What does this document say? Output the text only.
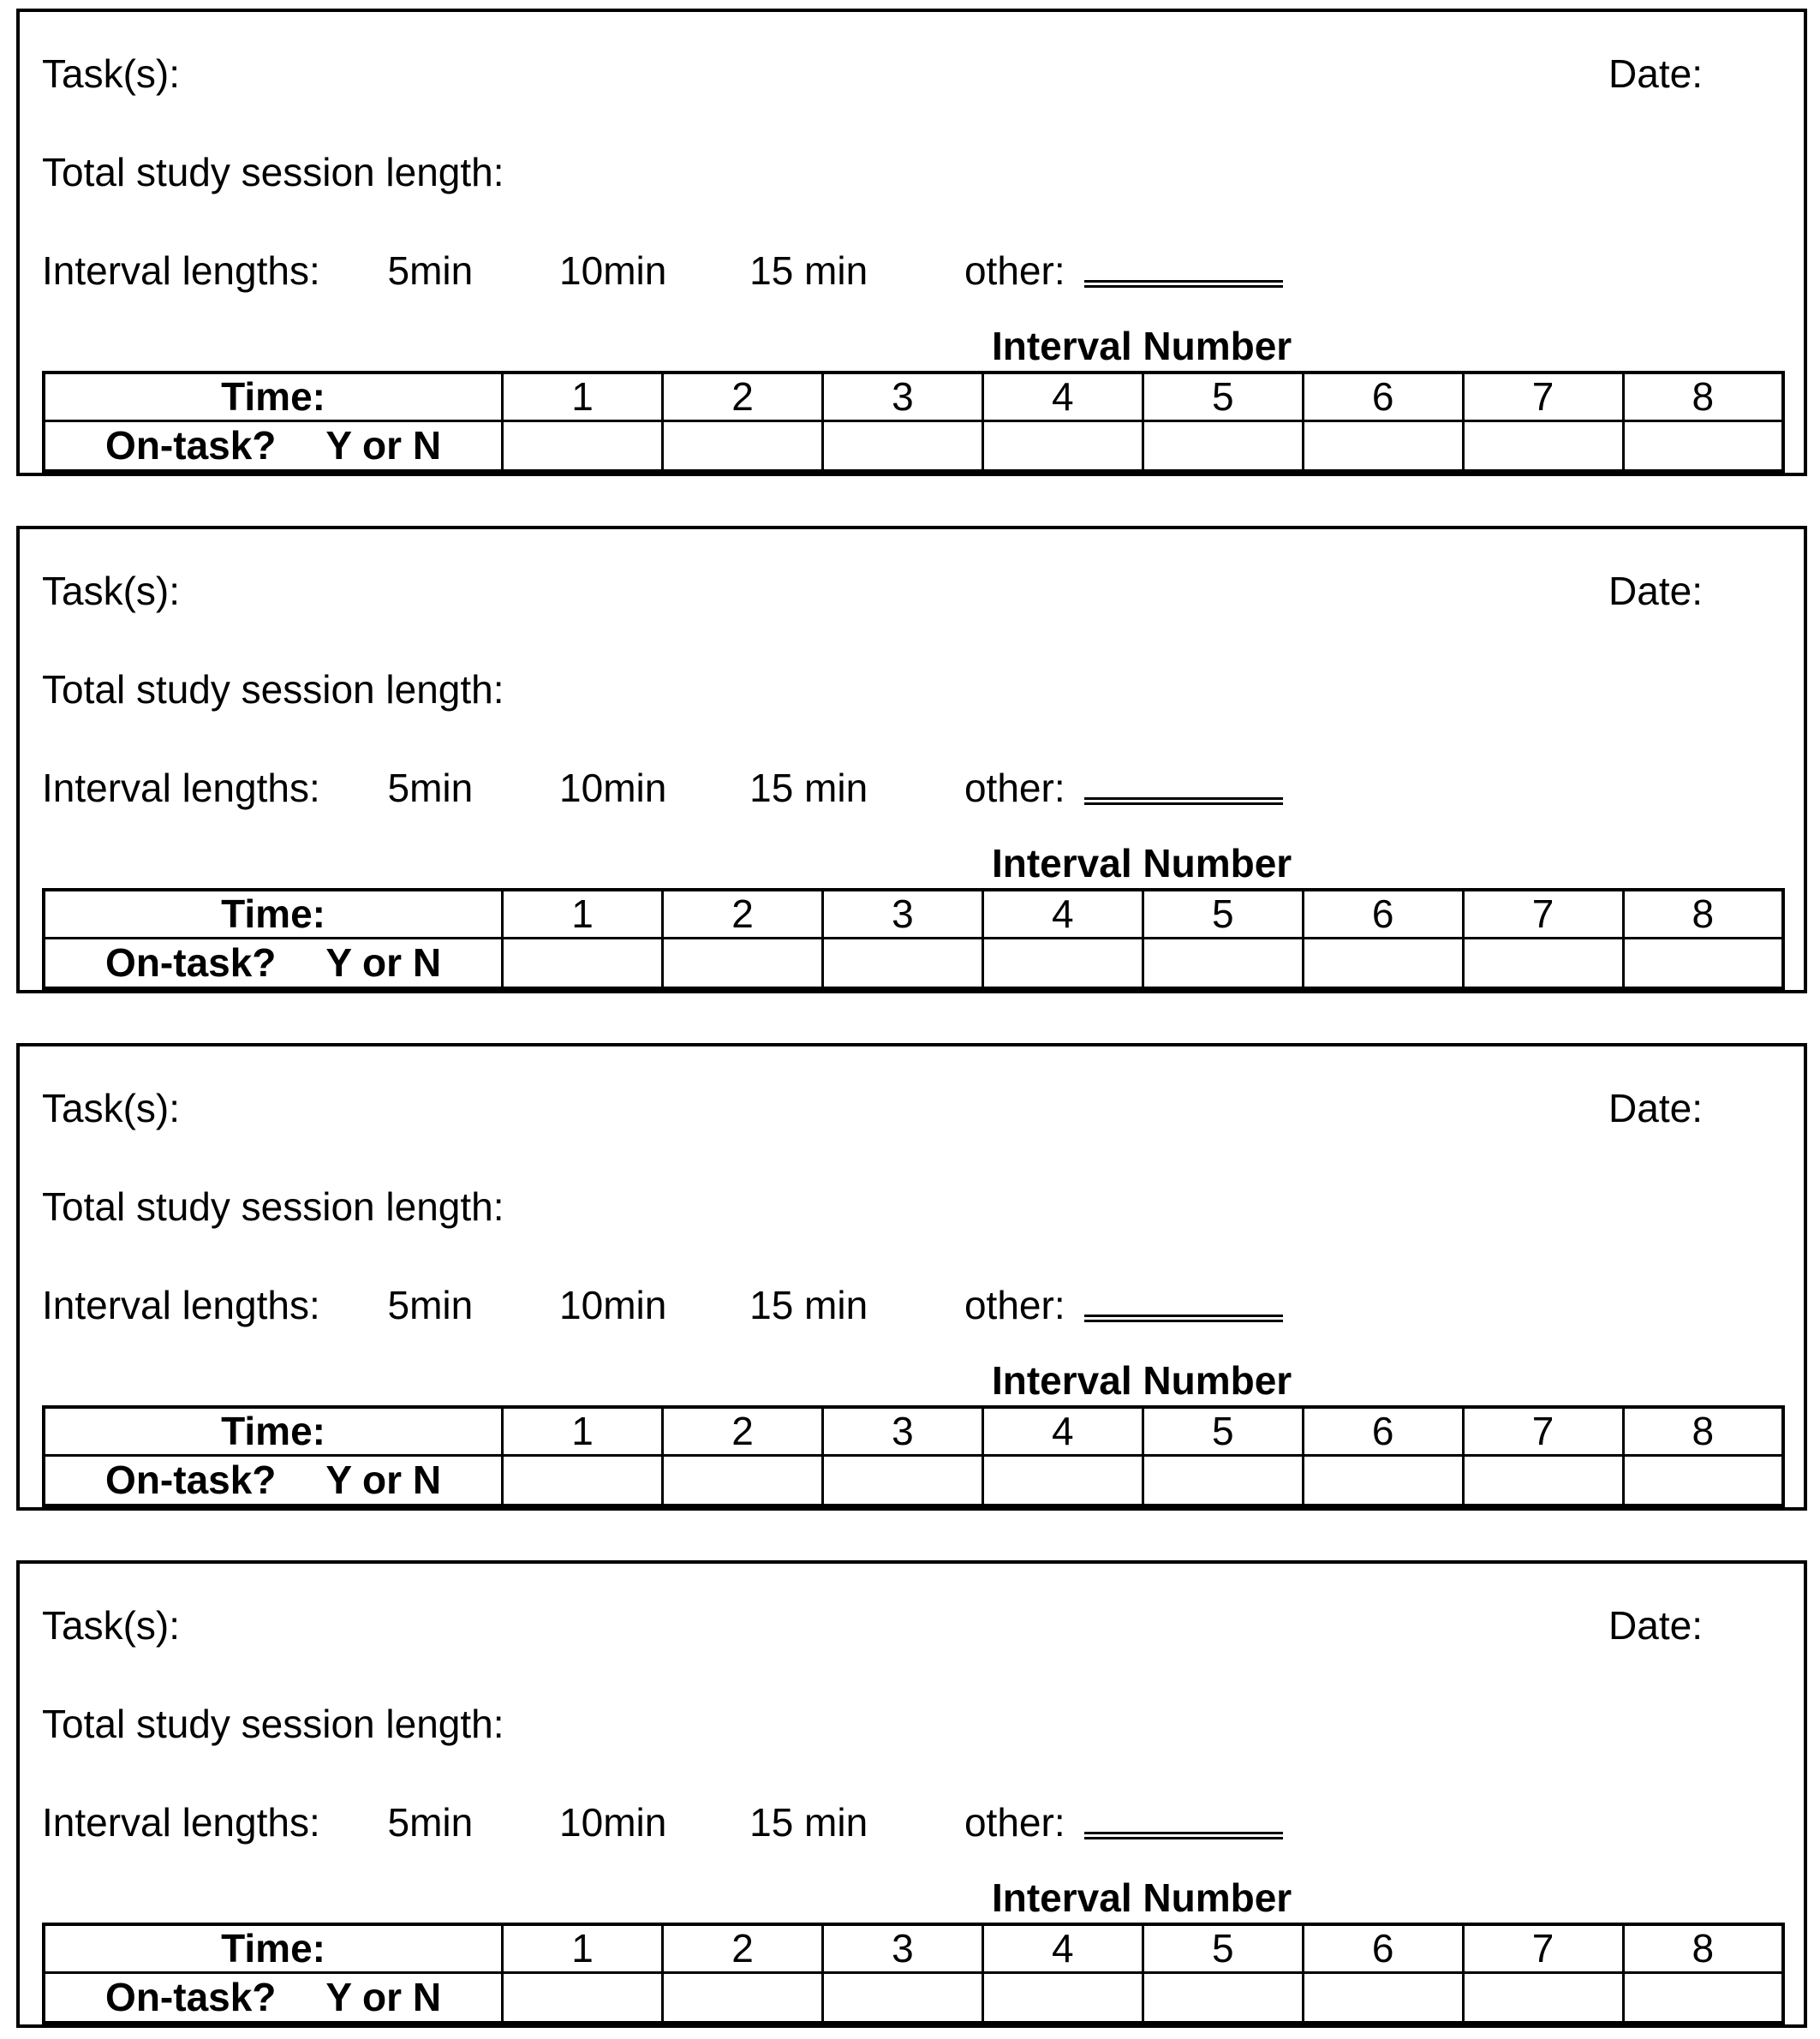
Task(s):	Date:
Total study session length:
Interval lengths: 5min 10min 15 min other:
Interval Number
Time:	1	2	3	4	5	6	7	8
On-task? Y or N								
Task(s):	Date:
Total study session length:
Interval lengths: 5min 10min 15 min other:
Interval Number
Time:	1	2	3	4	5	6	7	8
On-task? Y or N								
Task(s):	Date:
Total study session length:
Interval lengths: 5min 10min 15 min other:
Interval Number
Time:	1	2	3	4	5	6	7	8
On-task? Y or N								
Task(s):	Date:
Total study session length:
Interval lengths: 5min 10min 15 min other:
Interval Number
Time:	1	2	3	4	5	6	7	8
On-task? Y or N								
